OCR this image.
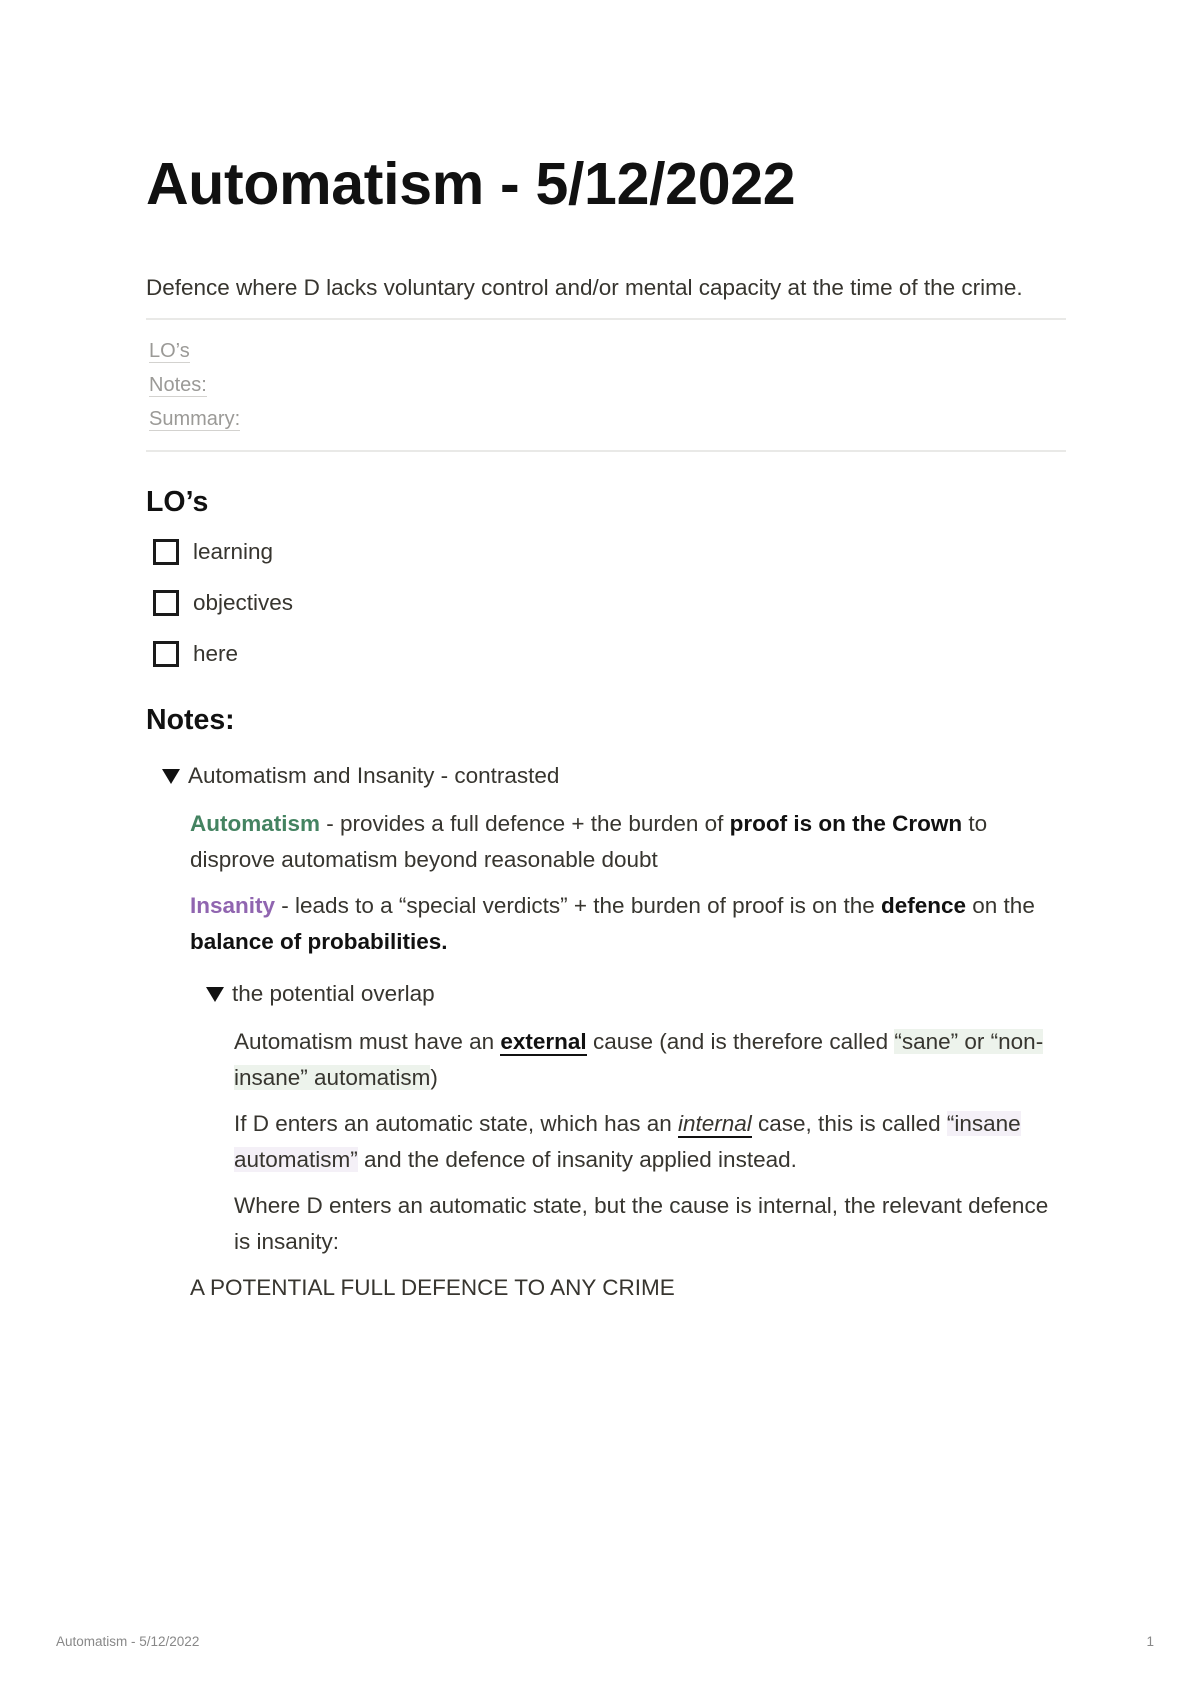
Automatism - 5/12/2022
Defence where D lacks voluntary control and/or mental capacity at the time of the crime.
LO’s
Notes:
Summary:
LO’s
learning
objectives
here
Notes:
Automatism and Insanity - contrasted
Automatism - provides a full defence + the burden of proof is on the Crown to disprove automatism beyond reasonable doubt
Insanity - leads to a “special verdicts” + the burden of proof is on the defence on the balance of probabilities.
the potential overlap
Automatism must have an external cause (and is therefore called “sane” or “non-insane” automatism)
If D enters an automatic state, which has an internal case, this is called “insane automatism” and the defence of insanity applied instead.
Where D enters an automatic state, but the cause is internal, the relevant defence is insanity:
A POTENTIAL FULL DEFENCE TO ANY CRIME
Automatism - 5/12/2022	1
